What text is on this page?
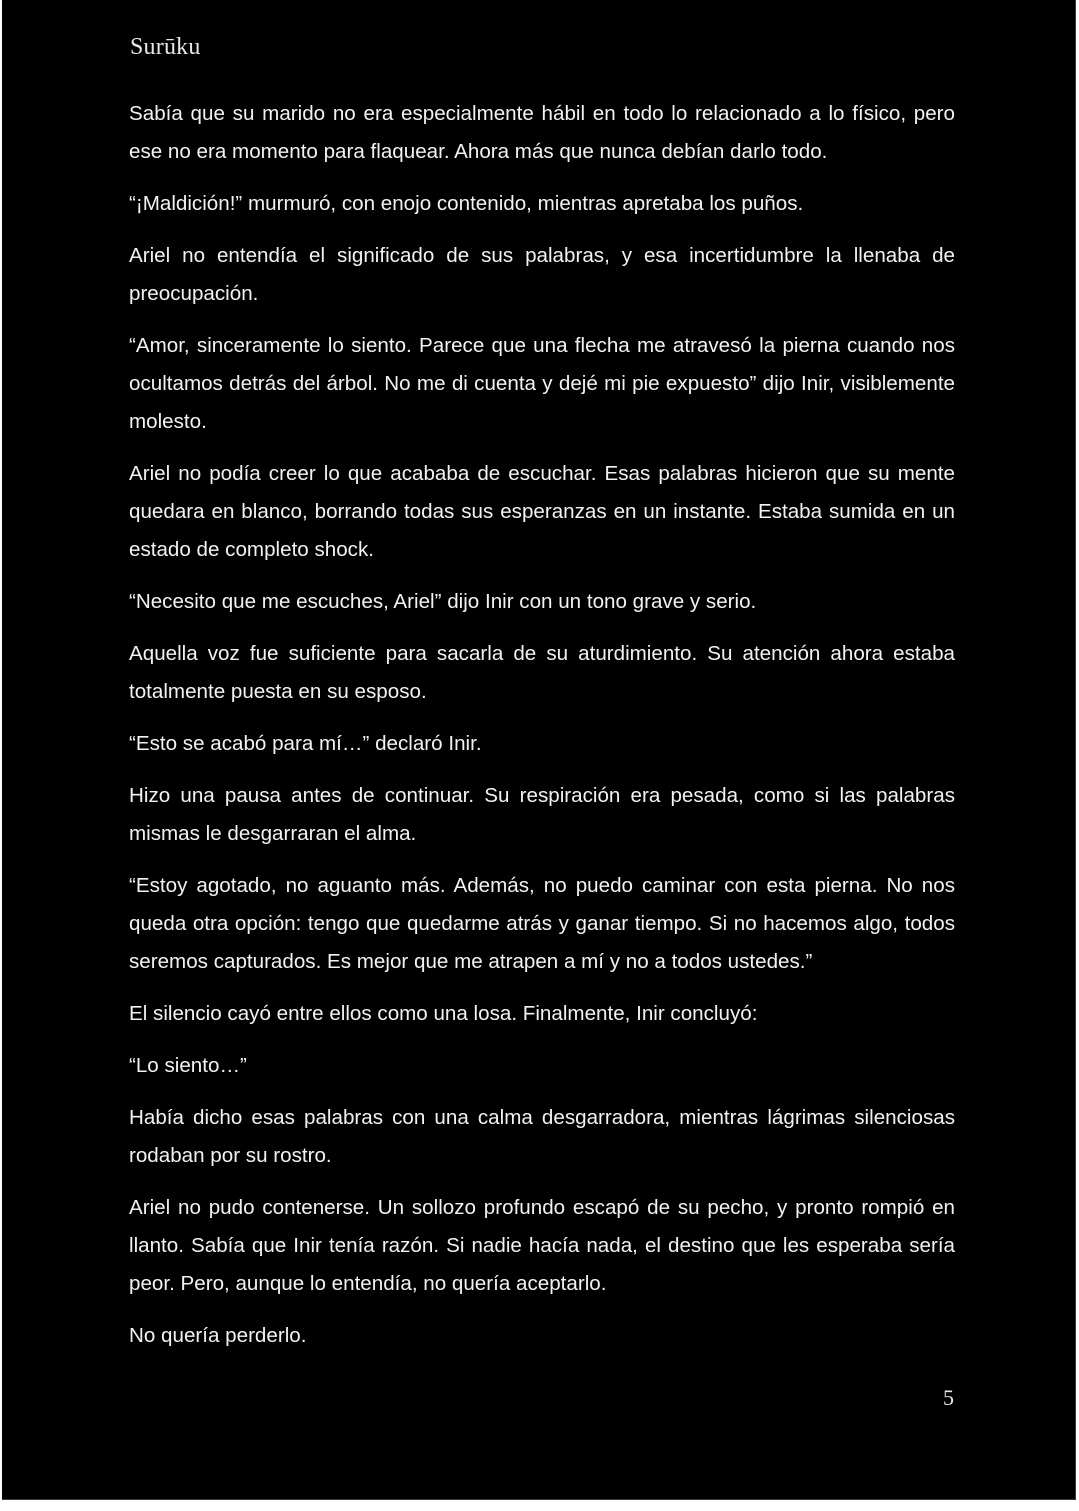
Surūku

Sabía que su marido no era especialmente hábil en todo lo relacionado a lo físico, pero ese no era momento para flaquear. Ahora más que nunca debían darlo todo.

“¡Maldición!” murmuró, con enojo contenido, mientras apretaba los puños.

Ariel no entendía el significado de sus palabras, y esa incertidumbre la llenaba de preocupación.

“Amor, sinceramente lo siento. Parece que una flecha me atravesó la pierna cuando nos ocultamos detrás del árbol. No me di cuenta y dejé mi pie expuesto” dijo Inir, visiblemente molesto.

Ariel no podía creer lo que acababa de escuchar. Esas palabras hicieron que su mente quedara en blanco, borrando todas sus esperanzas en un instante. Estaba sumida en un estado de completo shock.

“Necesito que me escuches, Ariel” dijo Inir con un tono grave y serio.

Aquella voz fue suficiente para sacarla de su aturdimiento. Su atención ahora estaba totalmente puesta en su esposo.

“Esto se acabó para mí…” declaró Inir.

Hizo una pausa antes de continuar. Su respiración era pesada, como si las palabras mismas le desgarraran el alma.

“Estoy agotado, no aguanto más. Además, no puedo caminar con esta pierna. No nos queda otra opción: tengo que quedarme atrás y ganar tiempo. Si no hacemos algo, todos seremos capturados. Es mejor que me atrapen a mí y no a todos ustedes.”

El silencio cayó entre ellos como una losa. Finalmente, Inir concluyó:

“Lo siento…”

Había dicho esas palabras con una calma desgarradora, mientras lágrimas silenciosas rodaban por su rostro.

Ariel no pudo contenerse. Un sollozo profundo escapó de su pecho, y pronto rompió en llanto. Sabía que Inir tenía razón. Si nadie hacía nada, el destino que les esperaba sería peor. Pero, aunque lo entendía, no quería aceptarlo.

No quería perderlo.

5
